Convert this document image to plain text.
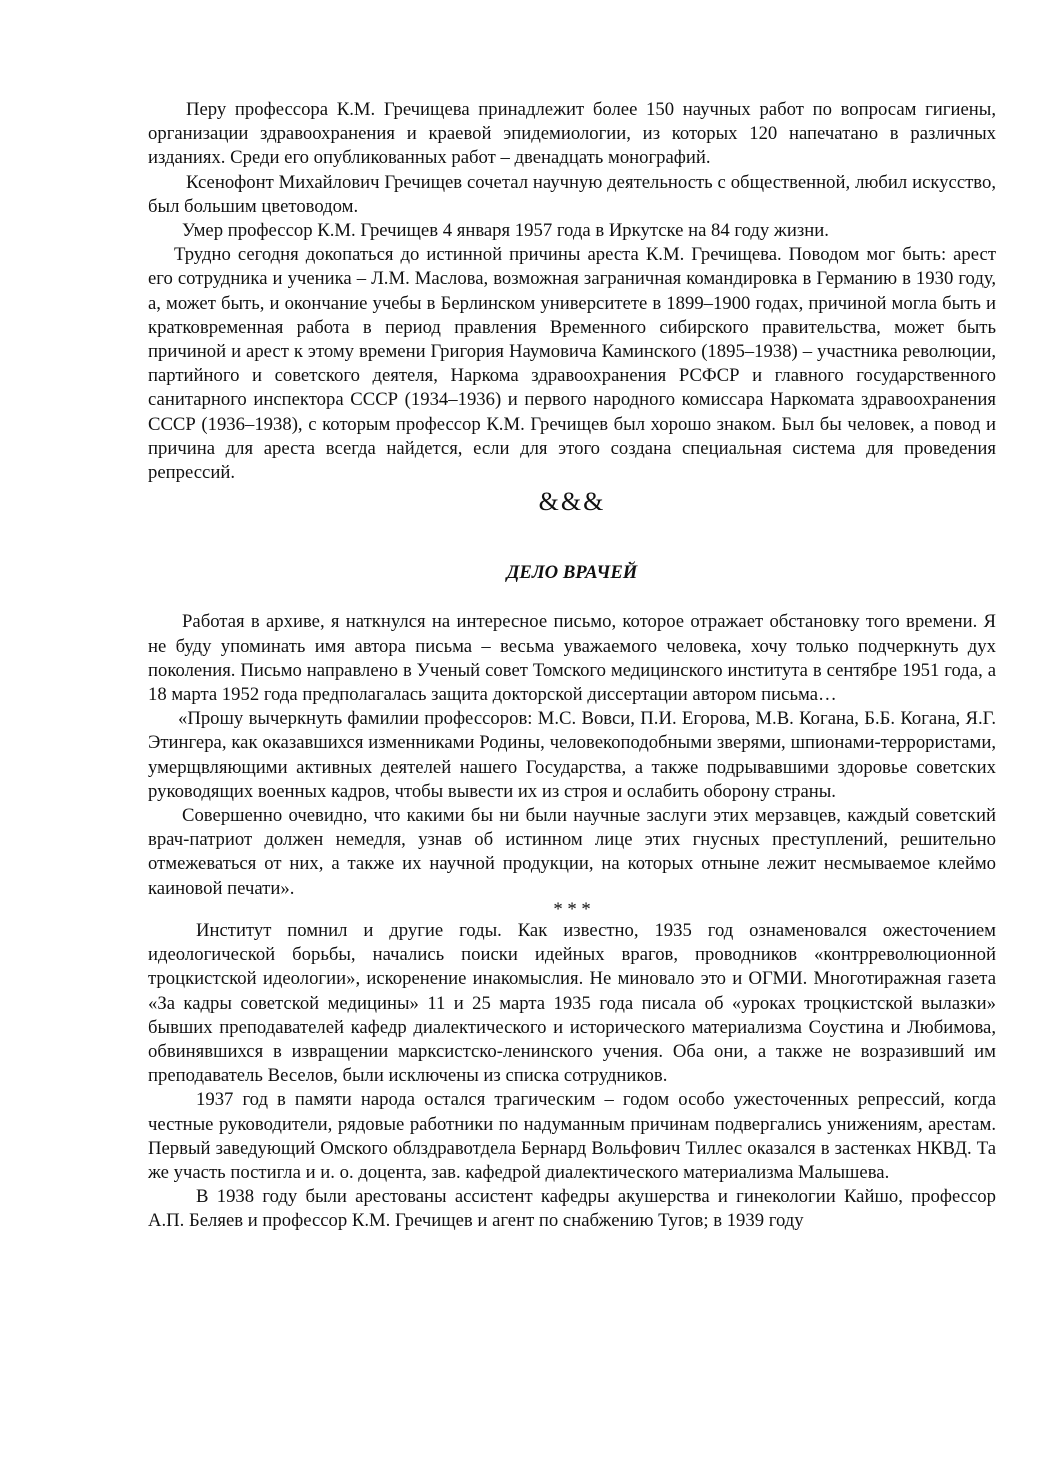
Перу профессора К.М. Гречищева принадлежит более 150 научных работ по вопросам гигиены, организации здравоохранения и краевой эпидемиологии, из которых 120 напечатано в различных изданиях. Среди его опубликованных работ – двенадцать монографий.

Ксенофонт Михайлович Гречищев сочетал научную деятельность с общественной, любил искусство, был большим цветоводом.

Умер профессор К.М. Гречищев 4 января 1957 года в Иркутске на 84 году жизни.

Трудно сегодня докопаться до истинной причины ареста К.М. Гречищева. Поводом мог быть: арест его сотрудника и ученика – Л.М. Маслова, возможная заграничная командировка в Германию в 1930 году, а, может быть, и окончание учебы в Берлинском университете в 1899–1900 годах, причиной могла быть и кратковременная работа в период правления Временного сибирского правительства, может быть причиной и арест к этому времени Григория Наумовича Каминского (1895–1938) – участника революции, партийного и советского деятеля, Наркома здравоохранения РСФСР и главного государственного санитарного инспектора СССР (1934–1936) и первого народного комиссара Наркомата здравоохранения СССР (1936–1938), с которым профессор К.М. Гречищев был хорошо знаком. Был бы человек, а повод и причина для ареста всегда найдется, если для этого создана специальная система для проведения репрессий.

&&&
ДЕЛО ВРАЧЕЙ

Работая в архиве, я наткнулся на интересное письмо, которое отражает обстановку того времени. Я не буду упоминать имя автора письма – весьма уважаемого человека, хочу только подчеркнуть дух поколения. Письмо направлено в Ученый совет Томского медицинского института в сентябре 1951 года, а 18 марта 1952 года предполагалась защита докторской диссертации автором письма…

«Прошу вычеркнуть фамилии профессоров: М.С. Вовси, П.И. Егорова, М.В. Когана, Б.Б. Когана, Я.Г. Этингера, как оказавшихся изменниками Родины, человекоподобными зверями, шпионами-террористами, умерщвляющими активных деятелей нашего Государства, а также подрывавшими здоровье советских руководящих военных кадров, чтобы вывести их из строя и ослабить оборону страны.

Совершенно очевидно, что какими бы ни были научные заслуги этих мерзавцев, каждый советский врач-патриот должен немедля, узнав об истинном лице этих гнусных преступлений, решительно отмежеваться от них, а также их научной продукции, на которых отныне лежит несмываемое клеймо каиновой печати».

* * *

Институт помнил и другие годы. Как известно, 1935 год ознаменовался ожесточением идеологической борьбы, начались поиски идейных врагов, проводников «контрреволюционной троцкистской идеологии», искоренение инакомыслия. Не миновало это и ОГМИ. Многотиражная газета «За кадры советской медицины» 11 и 25 марта 1935 года писала об «уроках троцкистской вылазки» бывших преподавателей кафедр диалектического и исторического материализма Соустина и Любимова, обвинявшихся в извращении марксистско-ленинского учения. Оба они, а также не возразивший им преподаватель Веселов, были исключены из списка сотрудников.

1937 год в памяти народа остался трагическим – годом особо ужесточенных репрессий, когда честные руководители, рядовые работники по надуманным причинам подвергались унижениям, арестам. Первый заведующий Омского облздравотдела Бернард Вольфович Тиллес оказался в застенках НКВД. Та же участь постигла и и. о. доцента, зав. кафедрой диалектического материализма Малышева.

В 1938 году были арестованы ассистент кафедры акушерства и гинекологии Кайшо, профессор А.П. Беляев и профессор К.М. Гречищев и агент по снабжению Тугов; в 1939 году
